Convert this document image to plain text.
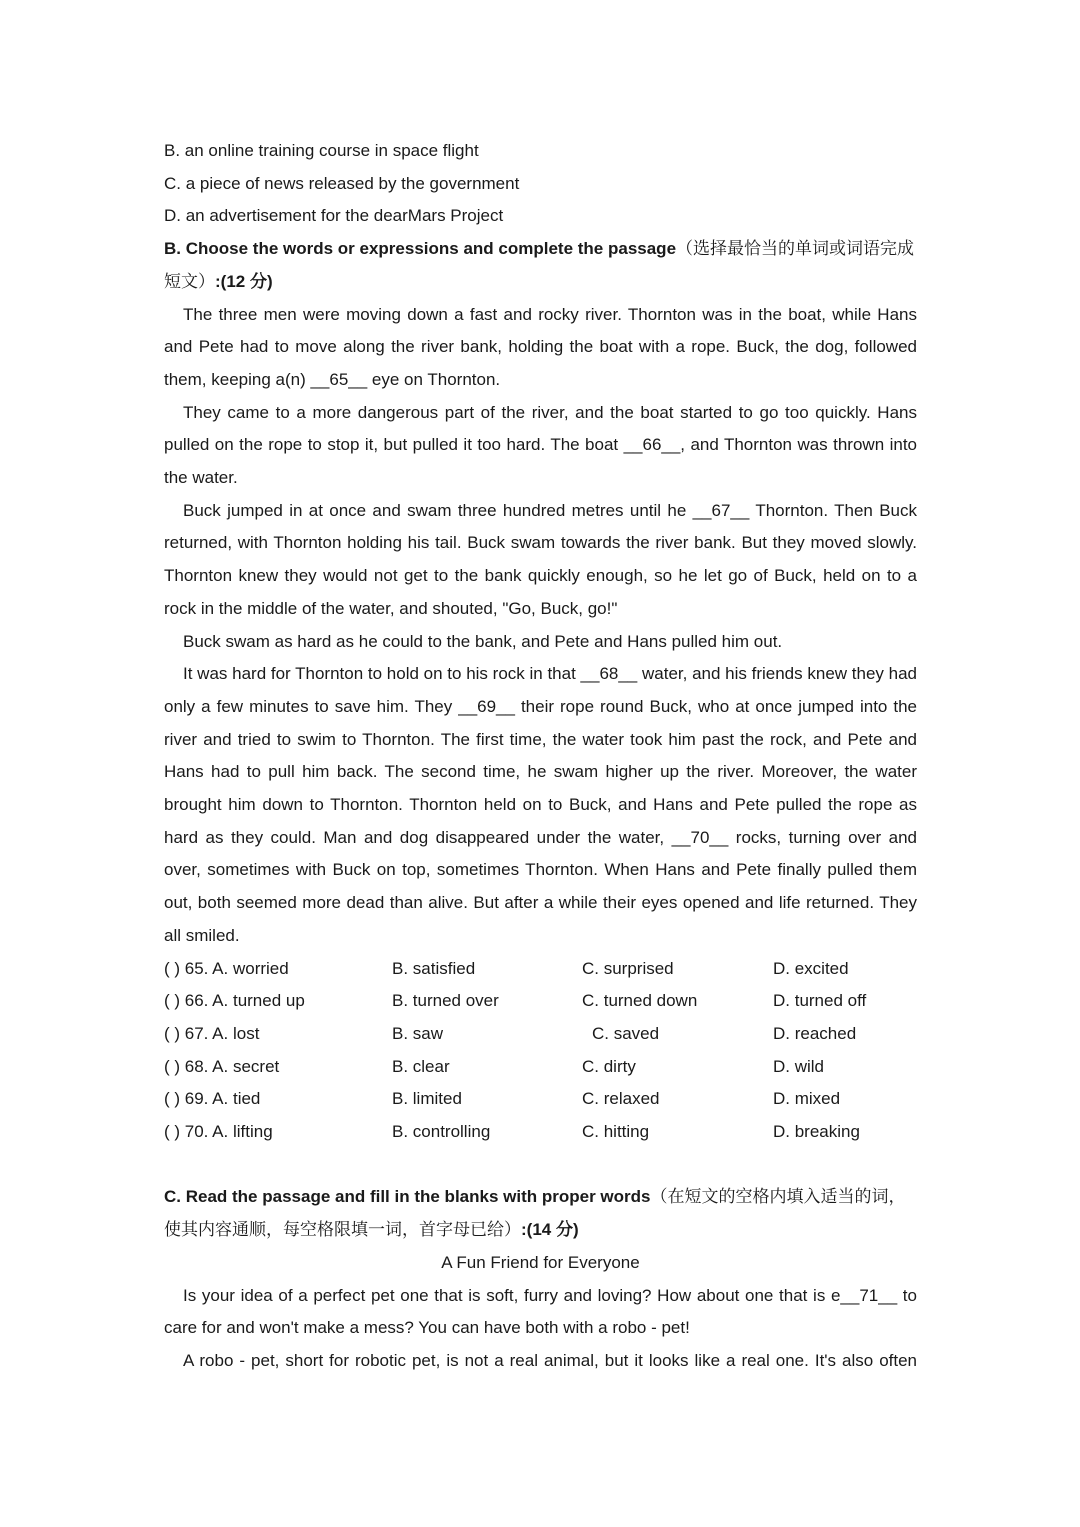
B. an online training course in space flight
C. a piece of news released by the government
D. an advertisement for the dearMars Project

B. Choose the words or expressions and complete the passage（选择最恰当的单词或词语完成短文）:(12 分)

The three men were moving down a fast and rocky river. Thornton was in the boat, while Hans and Pete had to move along the river bank, holding the boat with a rope. Buck, the dog, followed them, keeping a(n) __65__ eye on Thornton.

They came to a more dangerous part of the river, and the boat started to go too quickly. Hans pulled on the rope to stop it, but pulled it too hard. The boat __66__, and Thornton was thrown into the water.

Buck jumped in at once and swam three hundred metres until he __67__ Thornton. Then Buck returned, with Thornton holding his tail. Buck swam towards the river bank. But they moved slowly. Thornton knew they would not get to the bank quickly enough, so he let go of Buck, held on to a rock in the middle of the water, and shouted, "Go, Buck, go!"

Buck swam as hard as he could to the bank, and Pete and Hans pulled him out.

It was hard for Thornton to hold on to his rock in that __68__ water, and his friends knew they had only a few minutes to save him. They __69__ their rope round Buck, who at once jumped into the river and tried to swim to Thornton. The first time, the water took him past the rock, and Pete and Hans had to pull him back. The second time, he swam higher up the river. Moreover, the water brought him down to Thornton. Thornton held on to Buck, and Hans and Pete pulled the rope as hard as they could. Man and dog disappeared under the water, __70__ rocks, turning over and over, sometimes with Buck on top, sometimes Thornton. When Hans and Pete finally pulled them out, both seemed more dead than alive. But after a while their eyes opened and life returned. They all smiled.

( ) 65. A. worried	B. satisfied	C. surprised	D. excited
( ) 66. A. turned up	B. turned over	C. turned down	D. turned off
( ) 67. A. lost	B. saw	C. saved	D. reached
( ) 68. A. secret	B. clear	C. dirty	D. wild
( ) 69. A. tied	B. limited	C. relaxed	D. mixed
( ) 70. A. lifting	B. controlling	C. hitting	D. breaking

C. Read the passage and fill in the blanks with proper words（在短文的空格内填入适当的词，使其内容通顺，每空格限填一词，首字母已给）:(14 分)

A Fun Friend for Everyone

Is your idea of a perfect pet one that is soft, furry and loving? How about one that is e__71__ to care for and won't make a mess? You can have both with a robo - pet!

A robo - pet, short for robotic pet, is not a real animal, but it looks like a real one. It's also often
